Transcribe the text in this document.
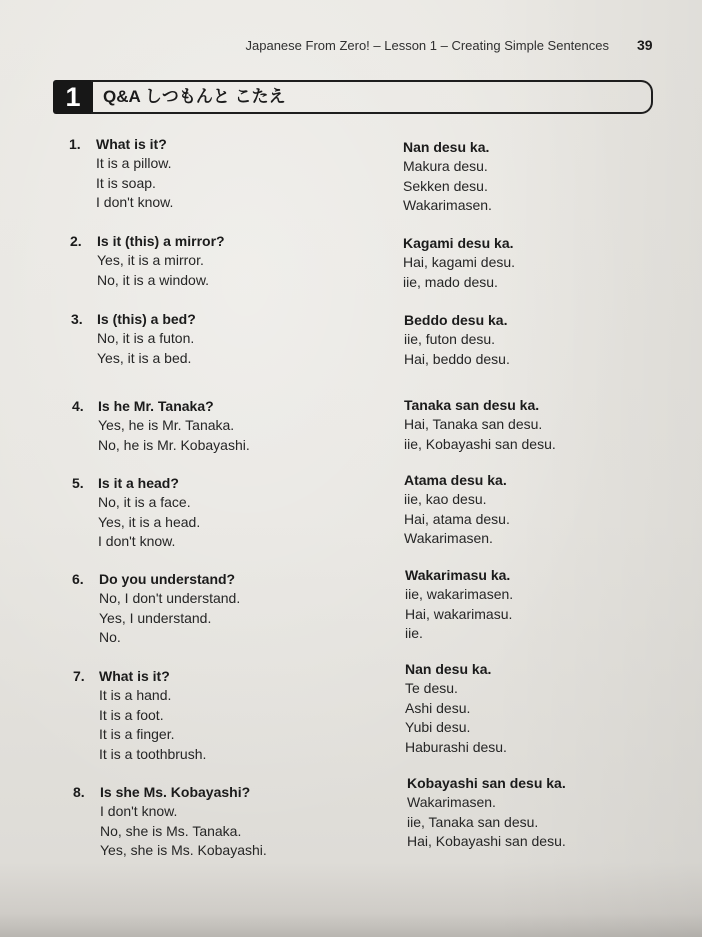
Japanese From Zero! – Lesson 1 – Creating Simple Sentences 39
1	Q&A しつもんと こたえ
1. What is it?
It is a pillow.
It is soap.
I don't know.
Nan desu ka.
Makura desu.
Sekken desu.
Wakarimasen.
2. Is it (this) a mirror?
Yes, it is a mirror.
No, it is a window.
Kagami desu ka.
Hai, kagami desu.
iie, mado desu.
3. Is (this) a bed?
No, it is a futon.
Yes, it is a bed.
Beddo desu ka.
iie, futon desu.
Hai, beddo desu.
4. Is he Mr. Tanaka?
Yes, he is Mr. Tanaka.
No, he is Mr. Kobayashi.
Tanaka san desu ka.
Hai, Tanaka san desu.
iie, Kobayashi san desu.
5. Is it a head?
No, it is a face.
Yes, it is a head.
I don't know.
Atama desu ka.
iie, kao desu.
Hai, atama desu.
Wakarimasen.
6. Do you understand?
No, I don't understand.
Yes, I understand.
No.
Wakarimasu ka.
iie, wakarimasen.
Hai, wakarimasu.
iie.
7. What is it?
It is a hand.
It is a foot.
It is a finger.
It is a toothbrush.
Nan desu ka.
Te desu.
Ashi desu.
Yubi desu.
Haburashi desu.
8. Is she Ms. Kobayashi?
I don't know.
No, she is Ms. Tanaka.
Yes, she is Ms. Kobayashi.
Kobayashi san desu ka.
Wakarimasen.
iie, Tanaka san desu.
Hai, Kobayashi san desu.
